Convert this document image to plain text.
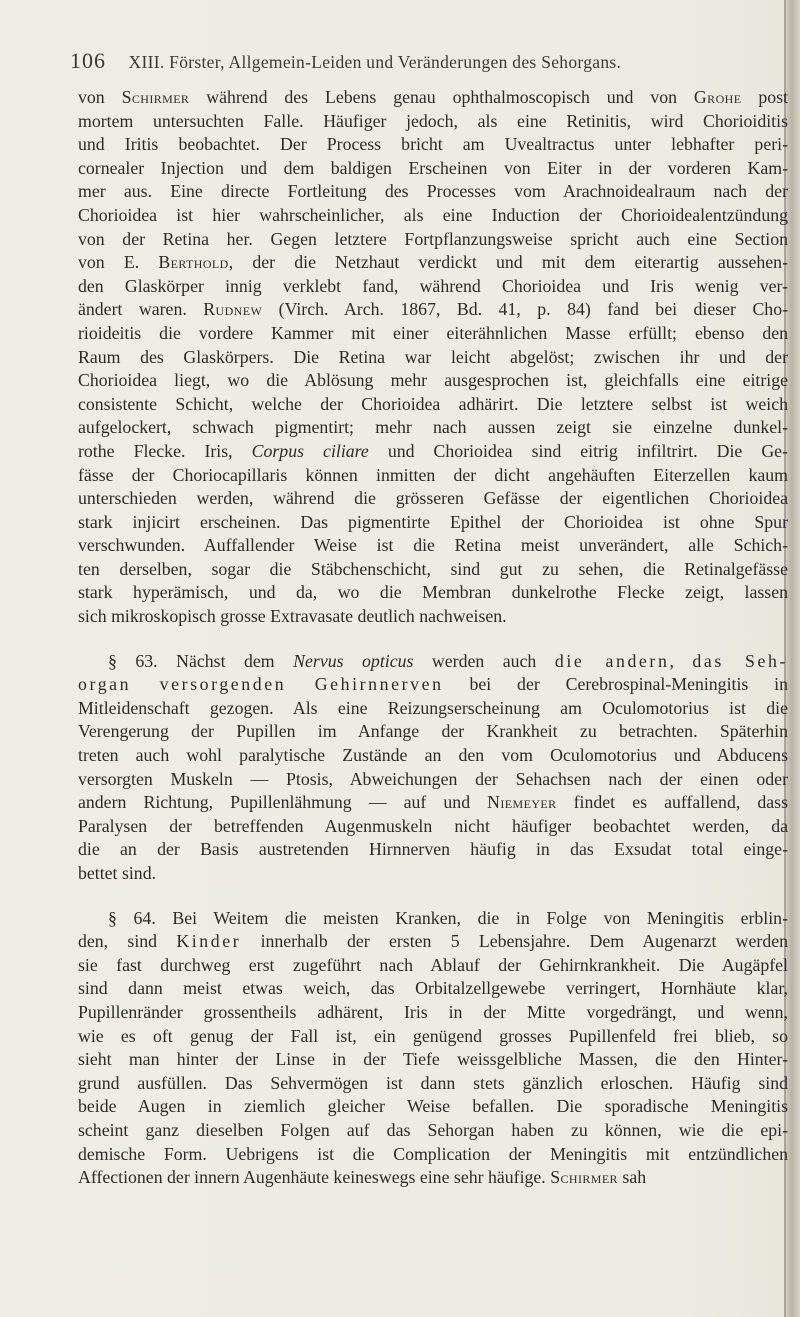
106 XIII. Förster, Allgemein-Leiden und Veränderungen des Sehorgans.

von Schirmer während des Lebens genau ophthalmoscopisch und von Grohe post

mortem untersuchten Falle. Häufiger jedoch, als eine Retinitis, wird Chorioiditis

und Iritis beobachtet. Der Process bricht am Uvealtractus unter lebhafter peri-

cornealer Injection und dem baldigen Erscheinen von Eiter in der vorderen Kam-

mer aus. Eine directe Fortleitung des Processes vom Arachnoidealraum nach der

Chorioidea ist hier wahrscheinlicher, als eine Induction der Chorioidealentzündung

von der Retina her. Gegen letztere Fortpflanzungsweise spricht auch eine Section

von E. Berthold, der die Netzhaut verdickt und mit dem eiterartig aussehen-

den Glaskörper innig verklebt fand, während Chorioidea und Iris wenig ver-

ändert waren. Rudnew (Virch. Arch. 1867, Bd. 41, p. 84) fand bei dieser Cho-

rioideitis die vordere Kammer mit einer eiterähnlichen Masse erfüllt; ebenso den

Raum des Glaskörpers. Die Retina war leicht abgelöst; zwischen ihr und der

Chorioidea liegt, wo die Ablösung mehr ausgesprochen ist, gleichfalls eine eitrige

consistente Schicht, welche der Chorioidea adhärirt. Die letztere selbst ist weich

aufgelockert, schwach pigmentirt; mehr nach aussen zeigt sie einzelne dunkel-

rothe Flecke. Iris, Corpus ciliare und Chorioidea sind eitrig infiltrirt. Die Ge-

fässe der Choriocapillaris können inmitten der dicht angehäuften Eiterzellen kaum

unterschieden werden, während die grösseren Gefässe der eigentlichen Chorioidea

stark injicirt erscheinen. Das pigmentirte Epithel der Chorioidea ist ohne Spur

verschwunden. Auffallender Weise ist die Retina meist unverändert, alle Schich-

ten derselben, sogar die Stäbchenschicht, sind gut zu sehen, die Retinalgefässe

stark hyperämisch, und da, wo die Membran dunkelrothe Flecke zeigt, lassen

sich mikroskopisch grosse Extravasate deutlich nachweisen.

§ 63. Nächst dem Nervus opticus werden auch die andern, das Seh-

organ versorgenden Gehirnnerven bei der Cerebrospinal-Meningitis in

Mitleidenschaft gezogen. Als eine Reizungserscheinung am Oculomotorius ist die

Verengerung der Pupillen im Anfange der Krankheit zu betrachten. Späterhin

treten auch wohl paralytische Zustände an den vom Oculomotorius und Abducens

versorgten Muskeln — Ptosis, Abweichungen der Sehachsen nach der einen oder

andern Richtung, Pupillenlähmung — auf und Niemeyer findet es auffallend, dass

Paralysen der betreffenden Augenmuskeln nicht häufiger beobachtet werden, da

die an der Basis austretenden Hirnnerven häufig in das Exsudat total einge-

bettet sind.

§ 64. Bei Weitem die meisten Kranken, die in Folge von Meningitis erblin-

den, sind Kinder innerhalb der ersten 5 Lebensjahre. Dem Augenarzt werden

sie fast durchweg erst zugeführt nach Ablauf der Gehirnkrankheit. Die Augäpfel

sind dann meist etwas weich, das Orbitalzellgewebe verringert, Hornhäute klar,

Pupillenränder grossentheils adhärent, Iris in der Mitte vorgedrängt, und wenn,

wie es oft genug der Fall ist, ein genügend grosses Pupillenfeld frei blieb, so

sieht man hinter der Linse in der Tiefe weissgelbliche Massen, die den Hinter-

grund ausfüllen. Das Sehvermögen ist dann stets gänzlich erloschen. Häufig sind

beide Augen in ziemlich gleicher Weise befallen. Die sporadische Meningitis

scheint ganz dieselben Folgen auf das Sehorgan haben zu können, wie die epi-

demische Form. Uebrigens ist die Complication der Meningitis mit entzündlichen

Affectionen der innern Augenhäute keineswegs eine sehr häufige. Schirmer sah
